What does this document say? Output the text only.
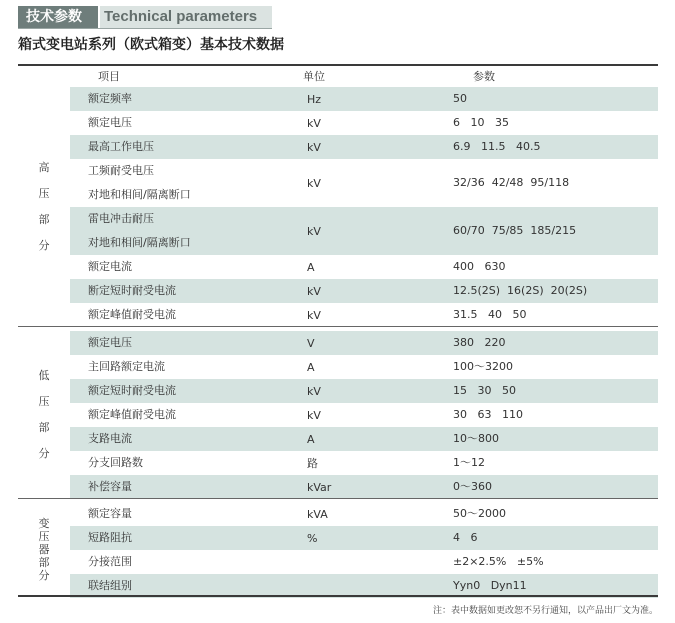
技术参数	Technical parameters
箱式变电站系列（欧式箱变）基本技术数据
项目	单位	参数
额定频率	Hz	50
额定电压	kV	6   10   35
最高工作电压	kV	6.9   11.5   40.5
工频耐受电压
对地和相间/隔离断口
kV	32/36  42/48  95/118
雷电冲击耐压
对地和相间/隔离断口
kV	60/70  75/85  185/215
额定电流	A	400   630
断定短时耐受电流	kV	12.5(2S)  16(2S)  20(2S)
额定峰值耐受电流	kV	31.5   40   50
高
压
部
分
额定电压	V	380   220
主回路额定电流	A	100～3200
额定短时耐受电流	kV	15   30   50
额定峰值耐受电流	kV	30   63   110
支路电流	A	10～800
分支回路数	路	1～12
补偿容量	kVar	0～360
低
压
部
分
额定容量	kVA	50～2000
短路阻抗	%	4   6
分接范围	±2×2.5%   ±5%
联结组别	Yyn0   Dyn11
变
压
器
部
分
注：表中数据如更改恕不另行通知，以产品出厂文为准。
